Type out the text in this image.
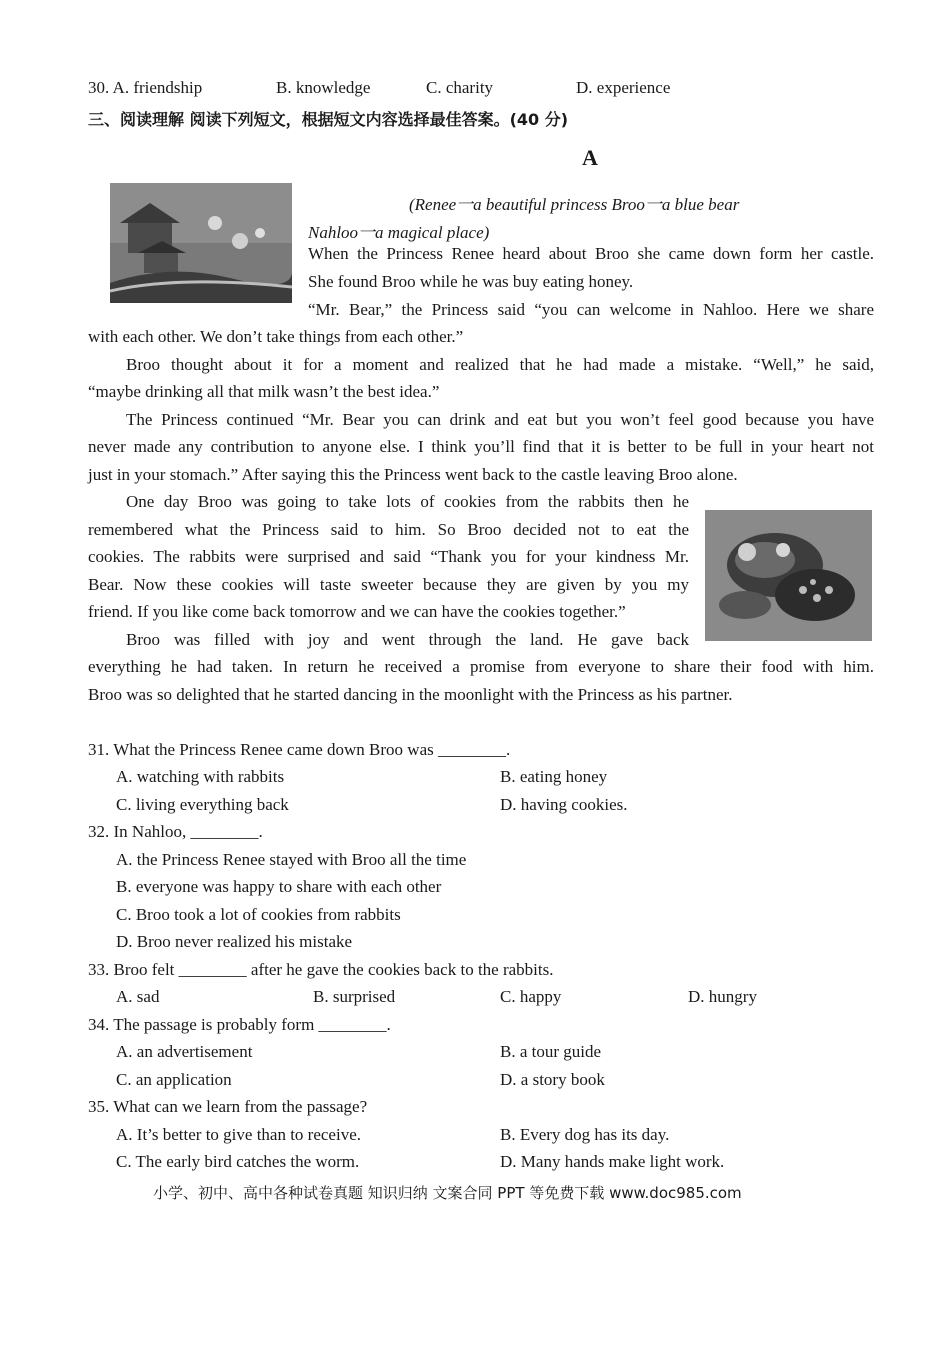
30. A. friendship	B. knowledge	C. charity	D. experience
三、阅读理解 阅读下列短文，根据短文内容选择最佳答案。(40 分)
A
(Renee一a beautiful princess Broo一a blue bear
Nahloo一a magical place)
When the Princess Renee heard about Broo she came down form her castle.
She found Broo while he was buy eating honey.
“Mr. Bear,” the Princess said “you can welcome in Nahloo. Here we share
with each other. We don’t take things from each other.”
Broo thought about it for a moment and realized that he had made a mistake. “Well,” he said,
“maybe drinking all that milk wasn’t the best idea.”
The Princess continued “Mr. Bear you can drink and eat but you won’t feel good because you have
never made any contribution to anyone else. I think you’ll find that it is better to be full in your heart not
just in your stomach.” After saying this the Princess went back to the castle leaving Broo alone.
One day Broo was going to take lots of cookies from the rabbits then he
remembered what the Princess said to him. So Broo decided not to eat the
cookies. The rabbits were surprised and said “Thank you for your kindness Mr.
Bear. Now these cookies will taste sweeter because they are given by you my
friend. If you like come back tomorrow and we can have the cookies together.”
Broo was filled with joy and went through the land. He gave back
everything he had taken. In return he received a promise from everyone to share their food with him.
Broo was so delighted that he started dancing in the moonlight with the Princess as his partner.
31. What the Princess Renee came down Broo was ________.
A. watching with rabbits	B. eating honey
C. living everything back	D. having cookies.
32. In Nahloo, ________.
A. the Princess Renee stayed with Broo all the time
B. everyone was happy to share with each other
C. Broo took a lot of cookies from rabbits
D. Broo never realized his mistake
33. Broo felt ________ after he gave the cookies back to the rabbits.
A. sad	B. surprised	C. happy	D. hungry
34. The passage is probably form ________.
A. an advertisement	B. a tour guide
C. an application	D. a story book
35. What can we learn from the passage?
A. It’s better to give than to receive.	B. Every dog has its day.
C. The early bird catches the worm.	D. Many hands make light work.
小学、初中、高中各种试卷真题 知识归纳 文案合同 PPT 等免费下载 www.doc985.com
